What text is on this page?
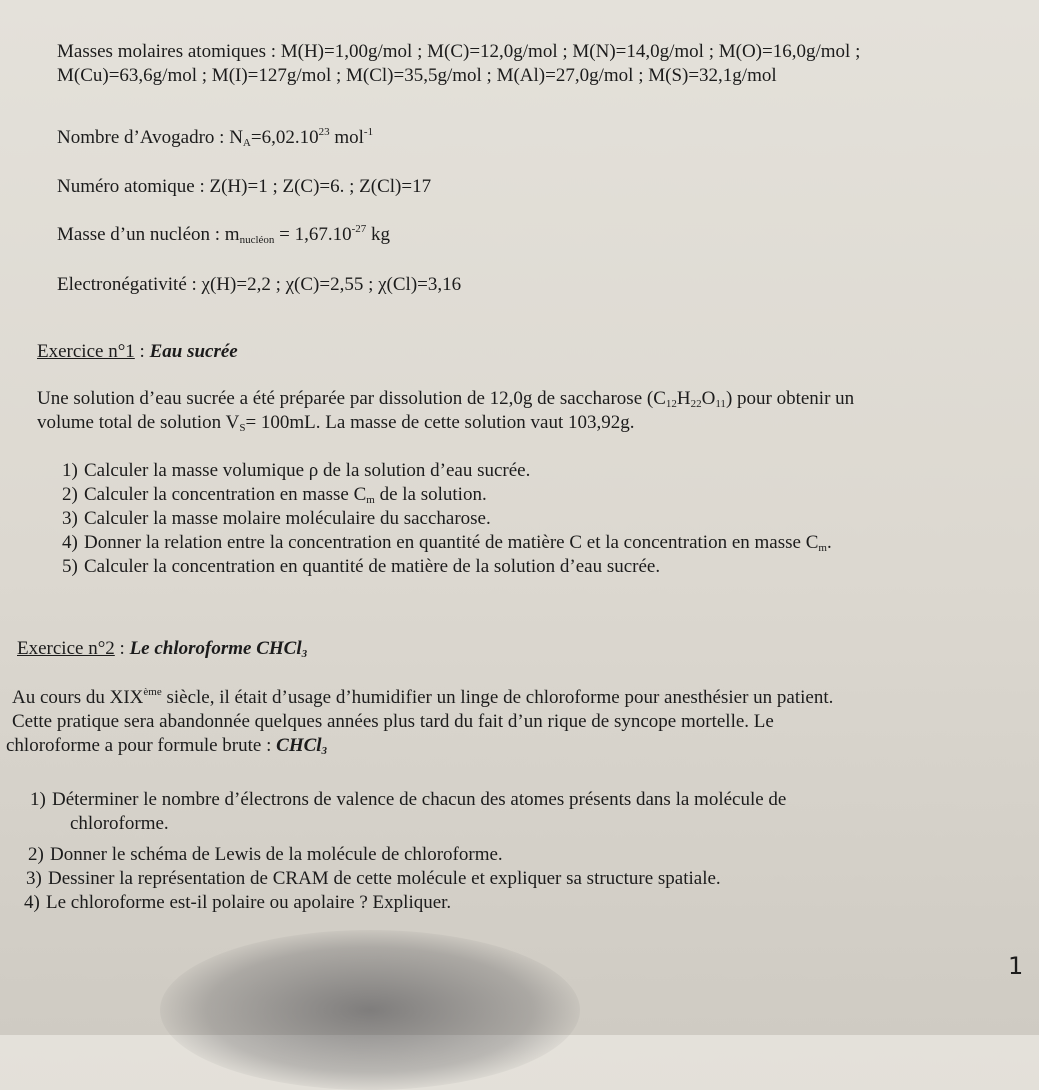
Masses molaires atomiques : M(H)=1,00g/mol ; M(C)=12,0g/mol ; M(N)=14,0g/mol ; M(O)=16,0g/mol ;
M(Cu)=63,6g/mol ; M(I)=127g/mol ; M(Cl)=35,5g/mol ; M(Al)=27,0g/mol ; M(S)=32,1g/mol
Nombre d’Avogadro : $N_A=6,02.10^{23}$ mol$^{-1}$
Numéro atomique : Z(H)=1 ; Z(C)=6. ; Z(Cl)=17
Masse d’un nucléon : $m_{nucléon} = 1,67.10^{-27}$ kg
Electronégativité : χ(H)=2,2 ; χ(C)=2,55 ; χ(Cl)=3,16
Exercice n°1 : Eau sucrée
Une solution d’eau sucrée a été préparée par dissolution de 12,0g de saccharose $(C_{12}H_{22}O_{11})$ pour obtenir un
volume total de solution $V_S= 100mL$. La masse de cette solution vaut 103,92g.
1) Calculer la masse volumique ρ de la solution d’eau sucrée.
2) Calculer la concentration en masse $C_m$ de la solution.
3) Calculer la masse molaire moléculaire du saccharose.
4) Donner la relation entre la concentration en quantité de matière C et la concentration en masse $C_m$.
5) Calculer la concentration en quantité de matière de la solution d’eau sucrée.
Exercice n°2 : Le chloroforme CHCl$_3$
Au cours du XIXème siècle, il était d’usage d’humidifier un linge de chloroforme pour anesthésier un patient.
Cette pratique sera abandonnée quelques années plus tard du fait d’un rique de syncope mortelle. Le
chloroforme a pour formule brute : CHCl$_3$
1) Déterminer le nombre d’électrons de valence de chacun des atomes présents dans la molécule de
chloroforme.
2) Donner le schéma de Lewis de la molécule de chloroforme.
3) Dessiner la représentation de CRAM de cette molécule et expliquer sa structure spatiale.
4) Le chloroforme est-il polaire ou apolaire ? Expliquer.
1
